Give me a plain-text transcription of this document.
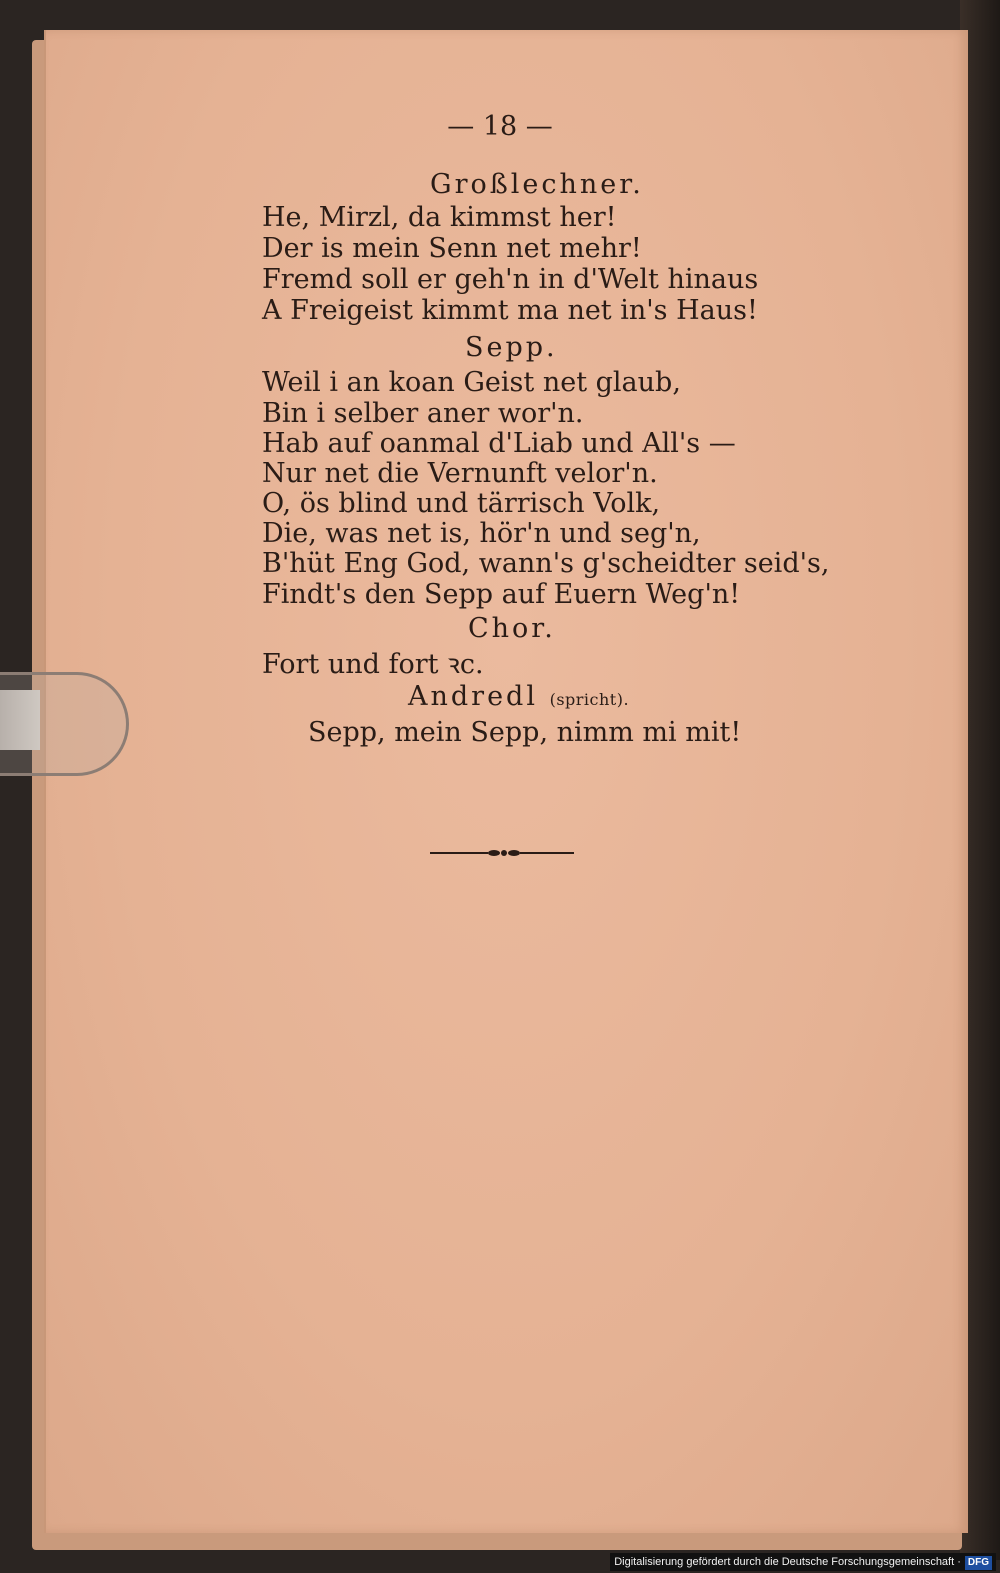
— 18 —
Großlechner.
He, Mirzl, da kimmst her!
Der is mein Senn net mehr!
Fremd soll er geh'n in d'Welt hinaus
A Freigeist kimmt ma net in's Haus!
Sepp.
Weil i an koan Geist net glaub,
Bin i selber aner wor'n.
Hab auf oanmal d'Liab und All's —
Nur net die Vernunft velor'n.
O, ös blind und tärrisch Volk,
Die, was net is, hör'n und seg'n,
B'hüt Eng God, wann's g'scheidter seid's,
Findt's den Sepp auf Euern Weg'n!
Chor.
Fort und fort ꝛc.
Andredl (spricht).
Sepp, mein Sepp, nimm mi mit!
Digitalisierung gefördert durch die Deutsche Forschungsgemeinschaft · DFG
